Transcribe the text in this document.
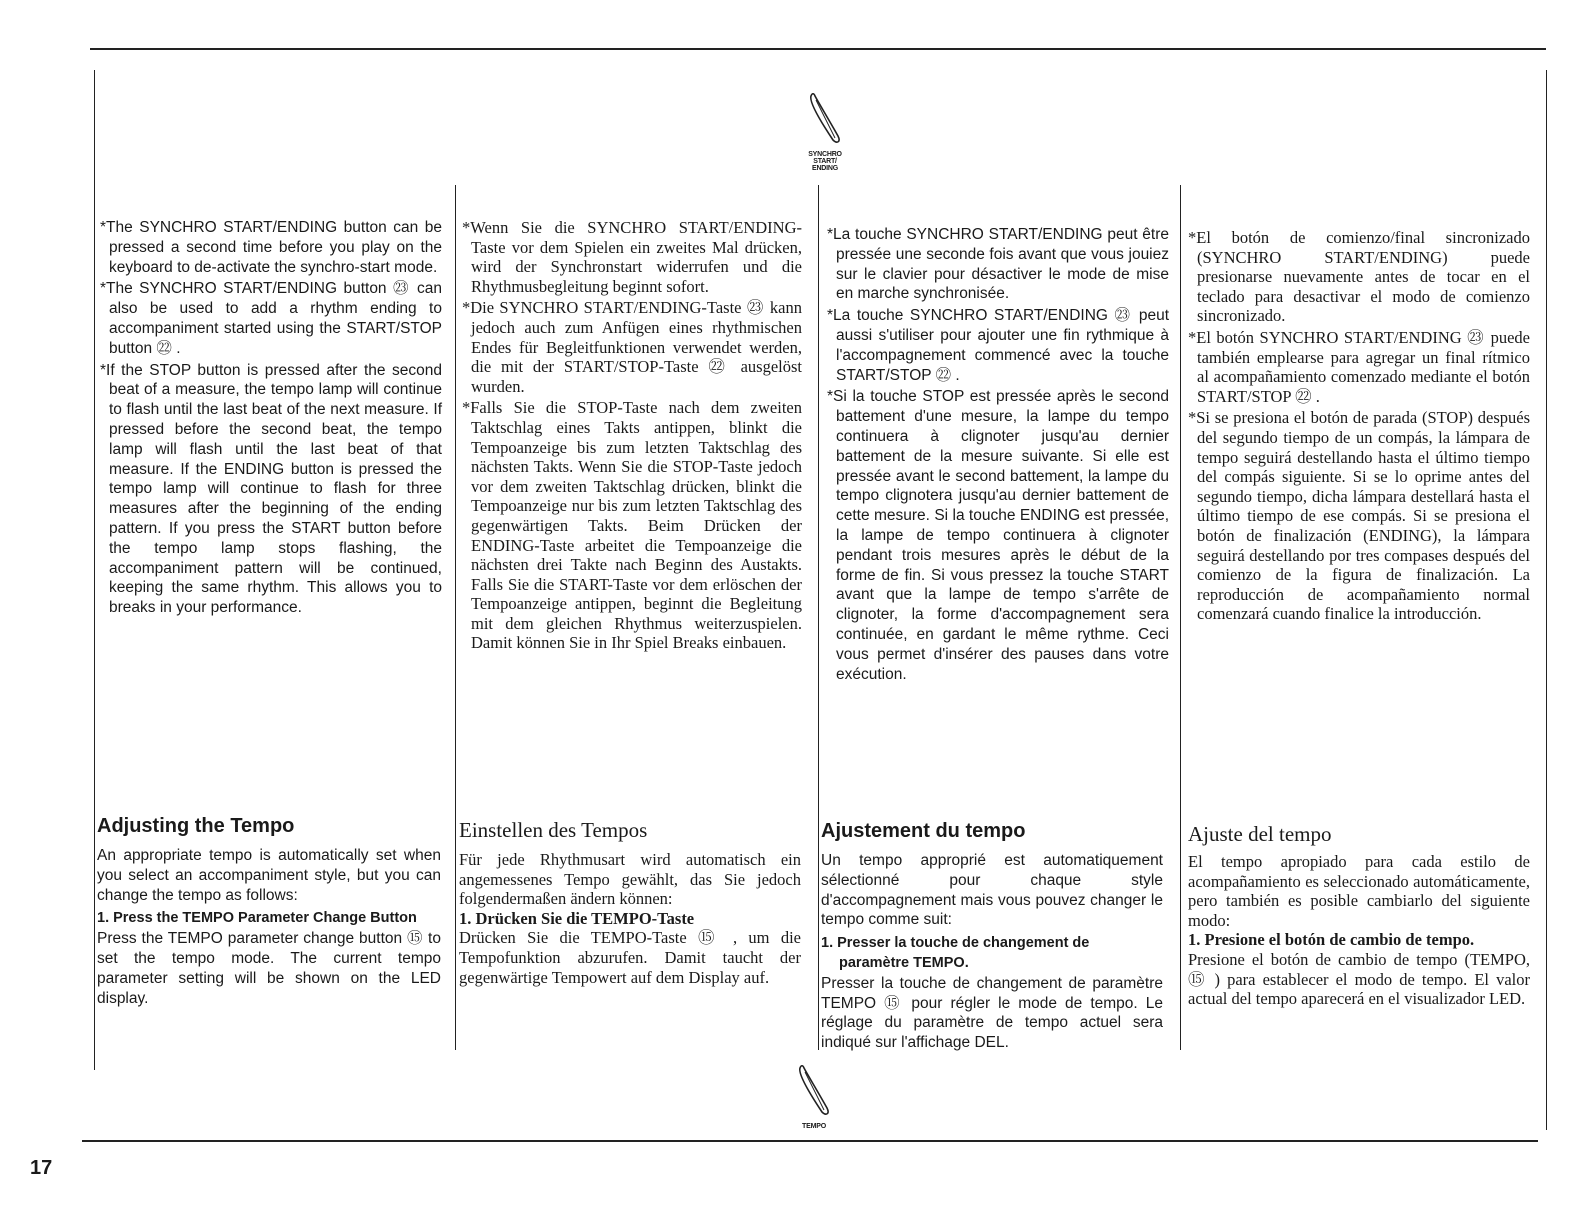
SYNCHRO
START/
ENDING

*The SYNCHRO START/ENDING button can be pressed a second time before you play on the keyboard to de-activate the synchro-start mode.

*The SYNCHRO START/ENDING button ㉓ can also be used to add a rhythm ending to accompaniment started using the START/STOP button ㉒ .

*If the STOP button is pressed after the second beat of a measure, the tempo lamp will continue to flash until the last beat of the next measure. If pressed before the second beat, the tempo lamp will flash until the last beat of that measure. If the ENDING button is pressed the tempo lamp will continue to flash for three measures after the beginning of the ending pattern. If you press the START button before the tempo lamp stops flashing, the accompaniment pattern will be continued, keeping the same rhythm. This allows you to breaks in your performance.

Adjusting the Tempo

An appropriate tempo is automatically set when you select an accompaniment style, but you can change the tempo as follows:

1. Press the TEMPO Parameter Change Button

Press the TEMPO parameter change button ⑮ to set the tempo mode. The current tempo parameter setting will be shown on the LED display.

*Wenn Sie die SYNCHRO START/ENDING-Taste vor dem Spielen ein zweites Mal drücken, wird der Synchronstart widerrufen und die Rhythmusbegleitung beginnt sofort.

*Die SYNCHRO START/ENDING-Taste ㉓ kann jedoch auch zum Anfügen eines rhythmischen Endes für Begleitfunktionen verwendet werden, die mit der START/STOP-Taste ㉒ ausgelöst wurden.

*Falls Sie die STOP-Taste nach dem zweiten Taktschlag eines Takts antippen, blinkt die Tempoanzeige bis zum letzten Taktschlag des nächsten Takts. Wenn Sie die STOP-Taste jedoch vor dem zweiten Taktschlag drücken, blinkt die Tempoanzeige nur bis zum letzten Taktschlag des gegenwärtigen Takts. Beim Drücken der ENDING-Taste arbeitet die Tempoanzeige die nächsten drei Takte nach Beginn des Austakts. Falls Sie die START-Taste vor dem erlöschen der Tempoanzeige antippen, beginnt die Begleitung mit dem gleichen Rhythmus weiterzuspielen. Damit können Sie in Ihr Spiel Breaks einbauen.

Einstellen des Tempos

Für jede Rhythmusart wird automatisch ein angemessenes Tempo gewählt, das Sie jedoch folgendermaßen ändern können:

1. Drücken Sie die TEMPO-Taste

Drücken Sie die TEMPO-Taste ⑮ , um die Tempofunktion abzurufen. Damit taucht der gegenwärtige Tempowert auf dem Display auf.

*La touche SYNCHRO START/ENDING peut être pressée une seconde fois avant que vous jouiez sur le clavier pour désactiver le mode de mise en marche synchronisée.

*La touche SYNCHRO START/ENDING ㉓ peut aussi s'utiliser pour ajouter une fin rythmique à l'accompagnement commencé avec la touche START/STOP ㉒ .

*Si la touche STOP est pressée après le second battement d'une mesure, la lampe du tempo continuera à clignoter jusqu'au dernier battement de la mesure suivante. Si elle est pressée avant le second battement, la lampe du tempo clignotera jusqu'au dernier battement de cette mesure. Si la touche ENDING est pressée, la lampe de tempo continuera à clignoter pendant trois mesures après le début de la forme de fin. Si vous pressez la touche START avant que la lampe de tempo s'arrête de clignoter, la forme d'accompagnement sera continuée, en gardant le même rythme. Ceci vous permet d'insérer des pauses dans votre exécution.

Ajustement du tempo

Un tempo approprié est automatiquement sélectionné pour chaque style d'accompagnement mais vous pouvez changer le tempo comme suit:

1. Presser la touche de changement de paramètre TEMPO.

Presser la touche de changement de paramètre TEMPO ⑮ pour régler le mode de tempo. Le réglage du paramètre de tempo actuel sera indiqué sur l'affichage DEL.

*El botón de comienzo/final sincronizado (SYNCHRO START/ENDING) puede presionarse nuevamente antes de tocar en el teclado para desactivar el modo de comienzo sincronizado.

*El botón SYNCHRO START/ENDING ㉓ puede también emplearse para agregar un final rítmico al acompañamiento comenzado mediante el botón START/STOP ㉒ .

*Si se presiona el botón de parada (STOP) después del segundo tiempo de un compás, la lámpara de tempo seguirá destellando hasta el último tiempo del compás siguiente. Si se lo oprime antes del segundo tiempo, dicha lámpara destellará hasta el último tiempo de ese compás. Si se presiona el botón de finalización (ENDING), la lámpara seguirá destellando por tres compases después del comienzo de la figura de finalización. La reproducción de acompañamiento normal comenzará cuando finalice la introducción.

Ajuste del tempo

El tempo apropiado para cada estilo de acompañamiento es seleccionado automáticamente, pero también es posible cambiarlo del siguiente modo:

1. Presione el botón de cambio de tempo.

Presione el botón de cambio de tempo (TEMPO, ⑮ ) para establecer el modo de tempo. El valor actual del tempo aparecerá en el visualizador LED.

TEMPO
17
